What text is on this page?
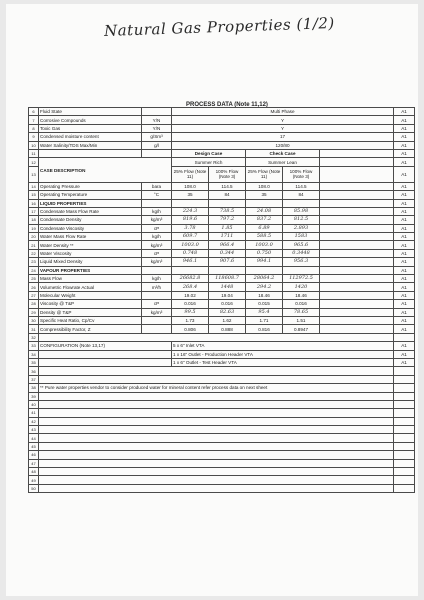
Natural Gas Properties (1/2)
PROCESS DATA (Note 11,12)
6	Fluid State		Multi Phase					A1
7	Corrosive Compounds	Y/N	Y					A1
8	Toxic Gas	Y/N	Y					A1
9	Condensed moisture content	g/Sm³	17					A1
10	Water Salinity/TDS Max/Min	g/l	120/80					A1
11			Design Case		Check Case			A1
12	CASE DESCRIPTION		Summer Rich		Summer Lean			A1
13			25% Flow (Note 11)	100% Flow (Note 3)	25% Flow (Note 11)	100% Flow (Note 3)		A1
14	Operating Pressure	bara	108.0	114.5	108.0	114.5		A1
15	Operating Temperature	°C	35	84	35	84		A1
16	LIQUID PROPERTIES							A1
17	Condensate Mass Flow Rate	kg/h	224.3	738.5	24.08	85.98		A1
18	Condensate Density	kg/m³	819.6	797.2	837.2	812.5		A1
19	Condensate Viscosity	cP	3.78	1.85	6.89	2.893		A1
20	Water Mass Flow Rate	kg/h	609.7	1711	588.5	1583		A1
21	Water Density **	kg/m³	1003.0	966.4	1003.0	965.6		A1
22	Water Viscosity	cP	0.748	0.344	0.750	0.3448		A1
23	Liquid Mixed Density	kg/m³	946.1	907.6	994.1	956.3		A1
24	VAPOUR PROPERTIES							A1
25	Mass Flow	kg/h	26682.8	118608.7	28064.2	112972.5		A1
26	Volumetric Flowrate Actual	m³/h	268.4	1448	294.2	1420		A1
27	Molecular Weight		19.02	19.04	18.46	18.46		A1
28	Viscosity @ T&P	cP	0.016	0.016	0.015	0.016		A1
29	Density @ T&P	kg/m³	99.5	82.63	95.4	78.65		A1
30	Specific Heat Ratio, Cp/Cv		1.73	1.62	1.71	1.51		A1
31	Compressibility Factor, Z		0.806	0.888	0.816	0.8947		A1
32								
33	CONFIGURATION (Note 13,17)		5 x 6" Inlet VTA					A1
34			1 x 16" Outlet - Production Header VTA					A1
35			1 x 6" Outlet - Test Header VTA					A1
36								
37								
38	** Pure water properties vendor to consider produced water for mineral content refer process data on next sheet							
39								
40								
41								
42								
43								
44								
45								
46								
47								
48								
49								
50								
